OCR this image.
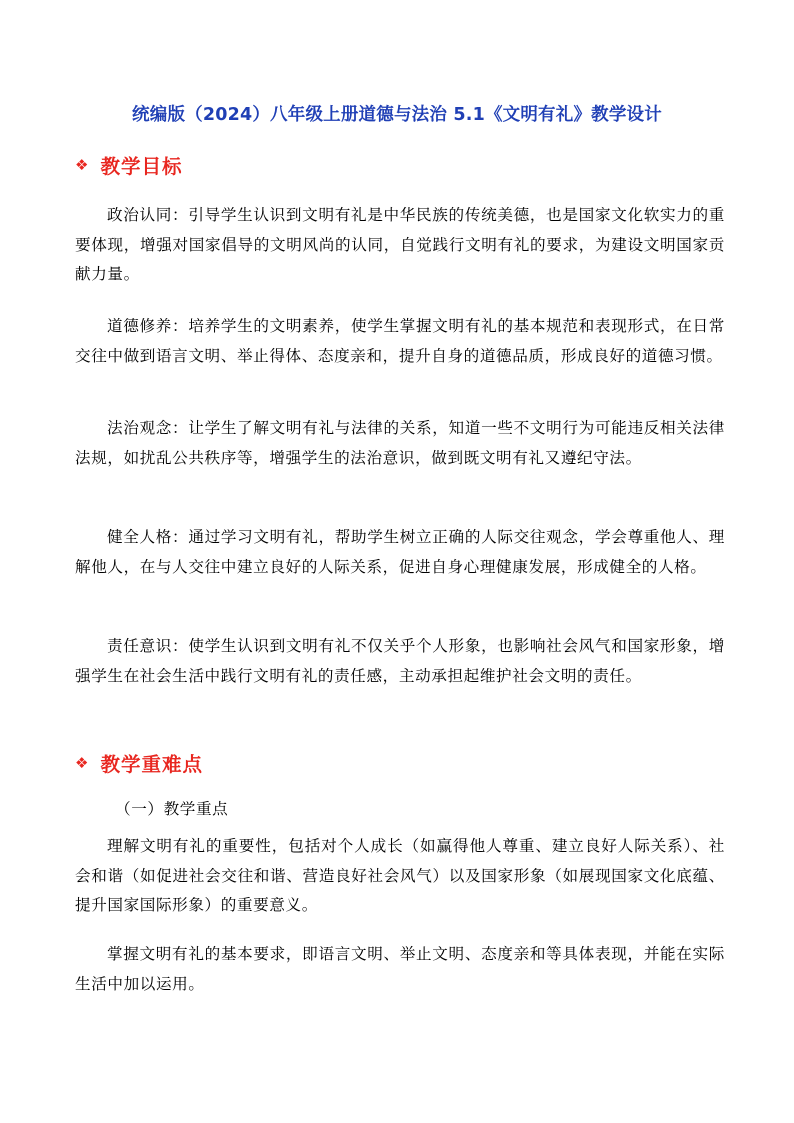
统编版（2024）八年级上册道德与法治 5.1《文明有礼》教学设计
❖ 教学目标

政治认同：引导学生认识到文明有礼是中华民族的传统美德，也是国家文化软实力的重要体现，增强对国家倡导的文明风尚的认同，自觉践行文明有礼的要求，为建设文明国家贡献力量。

道德修养：培养学生的文明素养，使学生掌握文明有礼的基本规范和表现形式，在日常交往中做到语言文明、举止得体、态度亲和，提升自身的道德品质，形成良好的道德习惯。

法治观念：让学生了解文明有礼与法律的关系，知道一些不文明行为可能违反相关法律法规，如扰乱公共秩序等，增强学生的法治意识，做到既文明有礼又遵纪守法。

健全人格：通过学习文明有礼，帮助学生树立正确的人际交往观念，学会尊重他人、理解他人，在与人交往中建立良好的人际关系，促进自身心理健康发展，形成健全的人格。

责任意识：使学生认识到文明有礼不仅关乎个人形象，也影响社会风气和国家形象，增强学生在社会生活中践行文明有礼的责任感，主动承担起维护社会文明的责任。

❖ 教学重难点
（一）教学重点

理解文明有礼的重要性，包括对个人成长（如赢得他人尊重、建立良好人际关系）、社会和谐（如促进社会交往和谐、营造良好社会风气）以及国家形象（如展现国家文化底蕴、提升国家国际形象）的重要意义。

掌握文明有礼的基本要求，即语言文明、举止文明、态度亲和等具体表现，并能在实际生活中加以运用。
